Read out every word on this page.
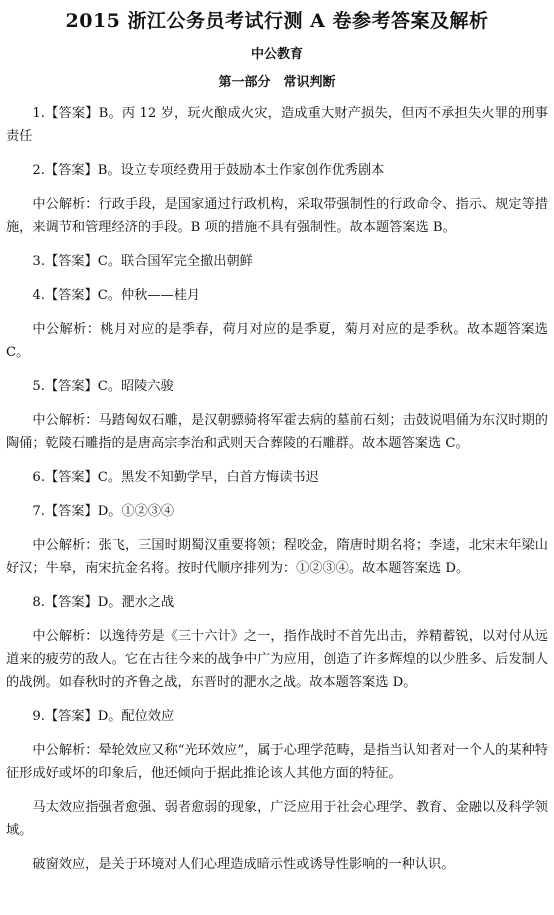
2015 浙江公务员考试行测 A 卷参考答案及解析
中公教育
第一部分　常识判断

1.【答案】B。丙 12 岁，玩火酿成火灾，造成重大财产损失，但丙不承担失火罪的刑事责任

2.【答案】B。设立专项经费用于鼓励本土作家创作优秀剧本

中公解析：行政手段，是国家通过行政机构，采取带强制性的行政命令、指示、规定等措施，来调节和管理经济的手段。B 项的措施不具有强制性。故本题答案选 B。

3.【答案】C。联合国军完全撤出朝鲜

4.【答案】C。仲秋——桂月

中公解析：桃月对应的是季春，荷月对应的是季夏，菊月对应的是季秋。故本题答案选C。

5.【答案】C。昭陵六骏

中公解析：马踏匈奴石雕，是汉朝骠骑将军霍去病的墓前石刻；击鼓说唱俑为东汉时期的陶俑；乾陵石雕指的是唐高宗李治和武则天合葬陵的石雕群。故本题答案选 C。

6.【答案】C。黑发不知勤学早，白首方悔读书迟

7.【答案】D。①②③④

中公解析：张飞，三国时期蜀汉重要将领；程咬金，隋唐时期名将；李逵，北宋末年梁山好汉；牛皋，南宋抗金名将。按时代顺序排列为：①②③④。故本题答案选 D。

8.【答案】D。淝水之战

中公解析：以逸待劳是《三十六计》之一，指作战时不首先出击，养精蓄锐，以对付从远道来的疲劳的敌人。它在古往今来的战争中广为应用，创造了许多辉煌的以少胜多、后发制人的战例。如春秋时的齐鲁之战，东晋时的淝水之战。故本题答案选 D。

9.【答案】D。配位效应

中公解析：晕轮效应又称“光环效应”，属于心理学范畴，是指当认知者对一个人的某种特征形成好或坏的印象后，他还倾向于据此推论该人其他方面的特征。

马太效应指强者愈强、弱者愈弱的现象，广泛应用于社会心理学、教育、金融以及科学领域。

破窗效应，是关于环境对人们心理造成暗示性或诱导性影响的一种认识。
